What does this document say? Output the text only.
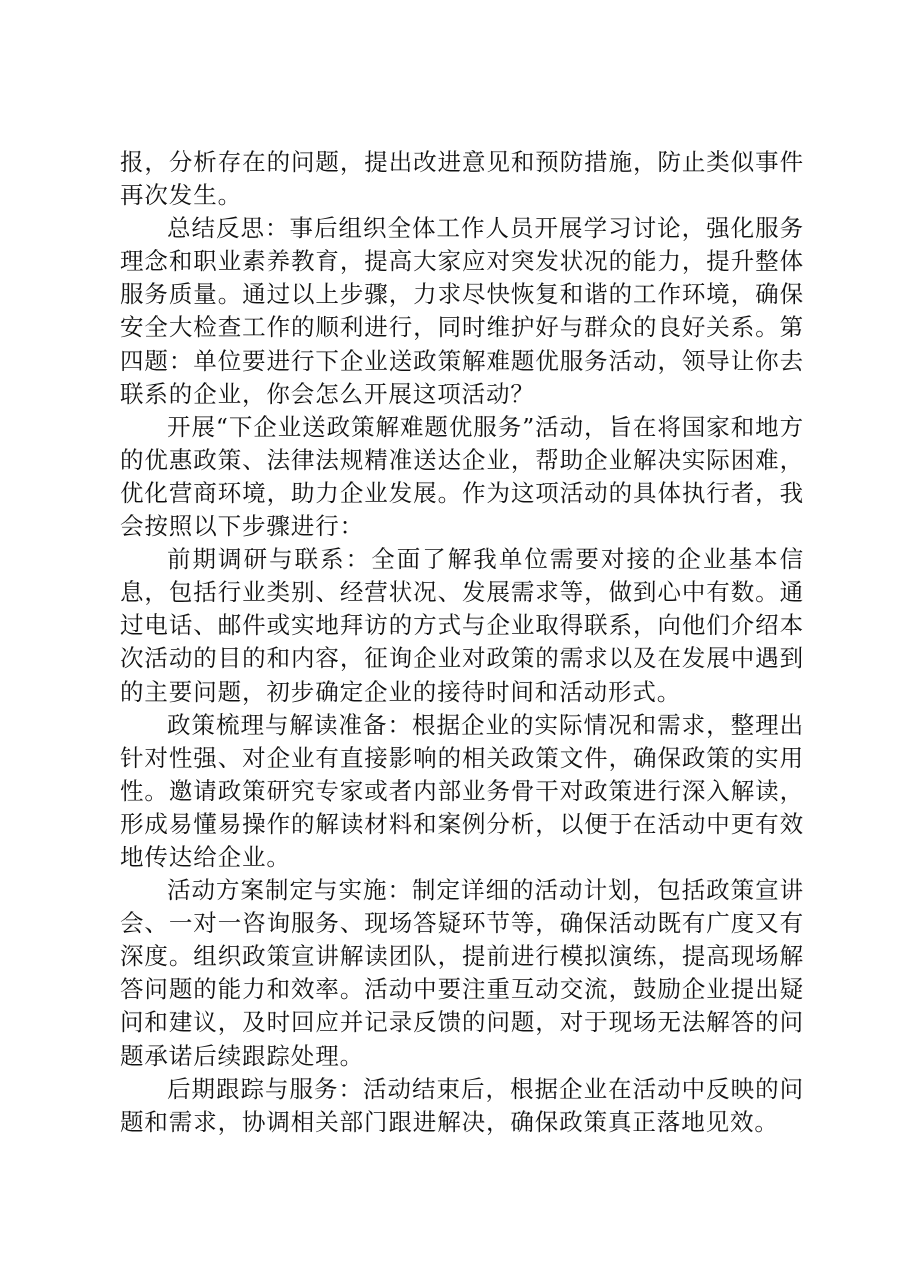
报，分析存在的问题，提出改进意见和预防措施，防止类似事件再次发生。

总结反思：事后组织全体工作人员开展学习讨论，强化服务理念和职业素养教育，提高大家应对突发状况的能力，提升整体服务质量。通过以上步骤，力求尽快恢复和谐的工作环境，确保安全大检查工作的顺利进行，同时维护好与群众的良好关系。第四题：单位要进行下企业送政策解难题优服务活动，领导让你去联系的企业，你会怎么开展这项活动？

开展“下企业送政策解难题优服务”活动，旨在将国家和地方的优惠政策、法律法规精准送达企业，帮助企业解决实际困难，优化营商环境，助力企业发展。作为这项活动的具体执行者，我会按照以下步骤进行：

前期调研与联系：全面了解我单位需要对接的企业基本信息，包括行业类别、经营状况、发展需求等，做到心中有数。通过电话、邮件或实地拜访的方式与企业取得联系，向他们介绍本次活动的目的和内容，征询企业对政策的需求以及在发展中遇到的主要问题，初步确定企业的接待时间和活动形式。

政策梳理与解读准备：根据企业的实际情况和需求，整理出针对性强、对企业有直接影响的相关政策文件，确保政策的实用性。邀请政策研究专家或者内部业务骨干对政策进行深入解读，形成易懂易操作的解读材料和案例分析，以便于在活动中更有效地传达给企业。

活动方案制定与实施：制定详细的活动计划，包括政策宣讲会、一对一咨询服务、现场答疑环节等，确保活动既有广度又有深度。组织政策宣讲解读团队，提前进行模拟演练，提高现场解答问题的能力和效率。活动中要注重互动交流，鼓励企业提出疑问和建议，及时回应并记录反馈的问题，对于现场无法解答的问题承诺后续跟踪处理。

后期跟踪与服务：活动结束后，根据企业在活动中反映的问题和需求，协调相关部门跟进解决，确保政策真正落地见效。
